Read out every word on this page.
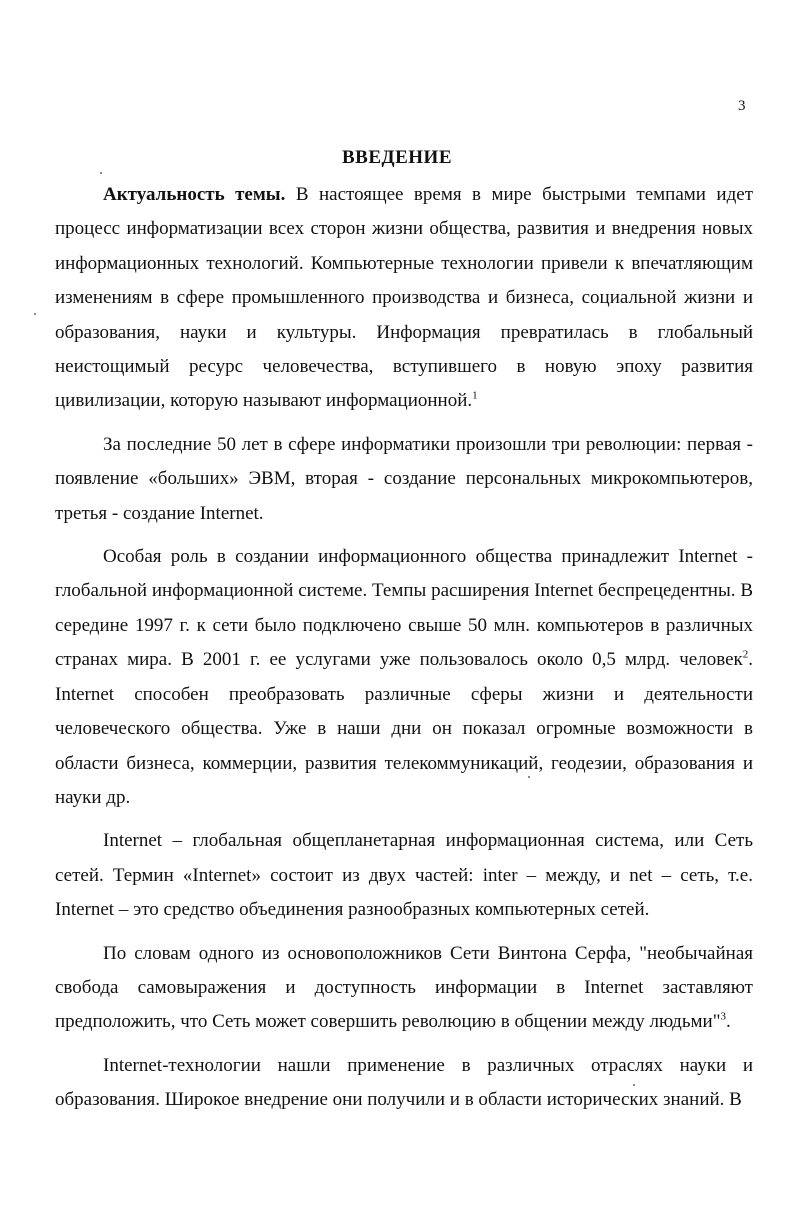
3
ВВЕДЕНИЕ

Актуальность темы. В настоящее время в мире быстрыми темпами идет процесс информатизации всех сторон жизни общества, развития и внедрения новых информационных технологий. Компьютерные технологии привели к впечатляющим изменениям в сфере промышленного производства и бизнеса, социальной жизни и образования, науки и культуры. Информация превратилась в глобальный неистощимый ресурс человечества, вступившего в новую эпоху развития цивилизации, которую называют информационной.$^1$

За последние 50 лет в сфере информатики произошли три революции: первая - появление «больших» ЭВМ, вторая - создание персональных микрокомпьютеров, третья - создание Internet.

Особая роль в создании информационного общества принадлежит Internet - глобальной информационной системе. Темпы расширения Internet беспрецедентны. В середине 1997 г. к сети было подключено свыше 50 млн. компьютеров в различных странах мира. В 2001 г. ее услугами уже пользовалось около 0,5 млрд. человек$^2$. Internet способен преобразовать различные сферы жизни и деятельности человеческого общества. Уже в наши дни он показал огромные возможности в области бизнеса, коммерции, развития телекоммуникаций, геодезии, образования и науки др.

Internet – глобальная общепланетарная информационная система, или Сеть сетей. Термин «Internet» состоит из двух частей: inter – между, и net – сеть, т.е. Internet – это средство объединения разнообразных компьютерных сетей.

По словам одного из основоположников Сети Винтона Серфа, "необычайная свобода самовыражения и доступность информации в Internet заставляют предположить, что Сеть может совершить революцию в общении между людьми"$^3$.

Internet-технологии нашли применение в различных отраслях науки и образования. Широкое внедрение они получили и в области исторических знаний. В
